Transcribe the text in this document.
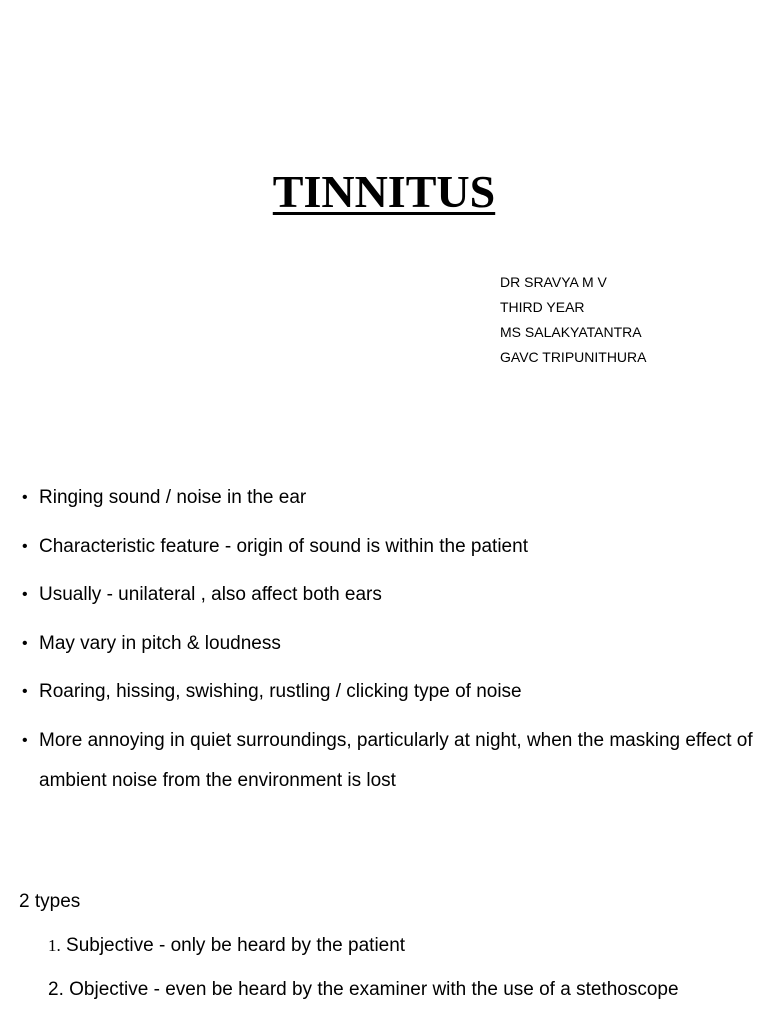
TINNITUS
DR SRAVYA M V
THIRD YEAR
MS SALAKYATANTRA
GAVC TRIPUNITHURA
• Ringing sound / noise in the ear
• Characteristic feature - origin of sound is within the patient
• Usually - unilateral , also affect both ears
• May vary in pitch & loudness
• Roaring, hissing, swishing, rustling / clicking type of noise
• More annoying in quiet surroundings, particularly at night, when the masking effect of ambient noise from the environment is lost

2 types

1. Subjective - only be heard by the patient
2. Objective - even be heard by the examiner with the use of a stethoscope
